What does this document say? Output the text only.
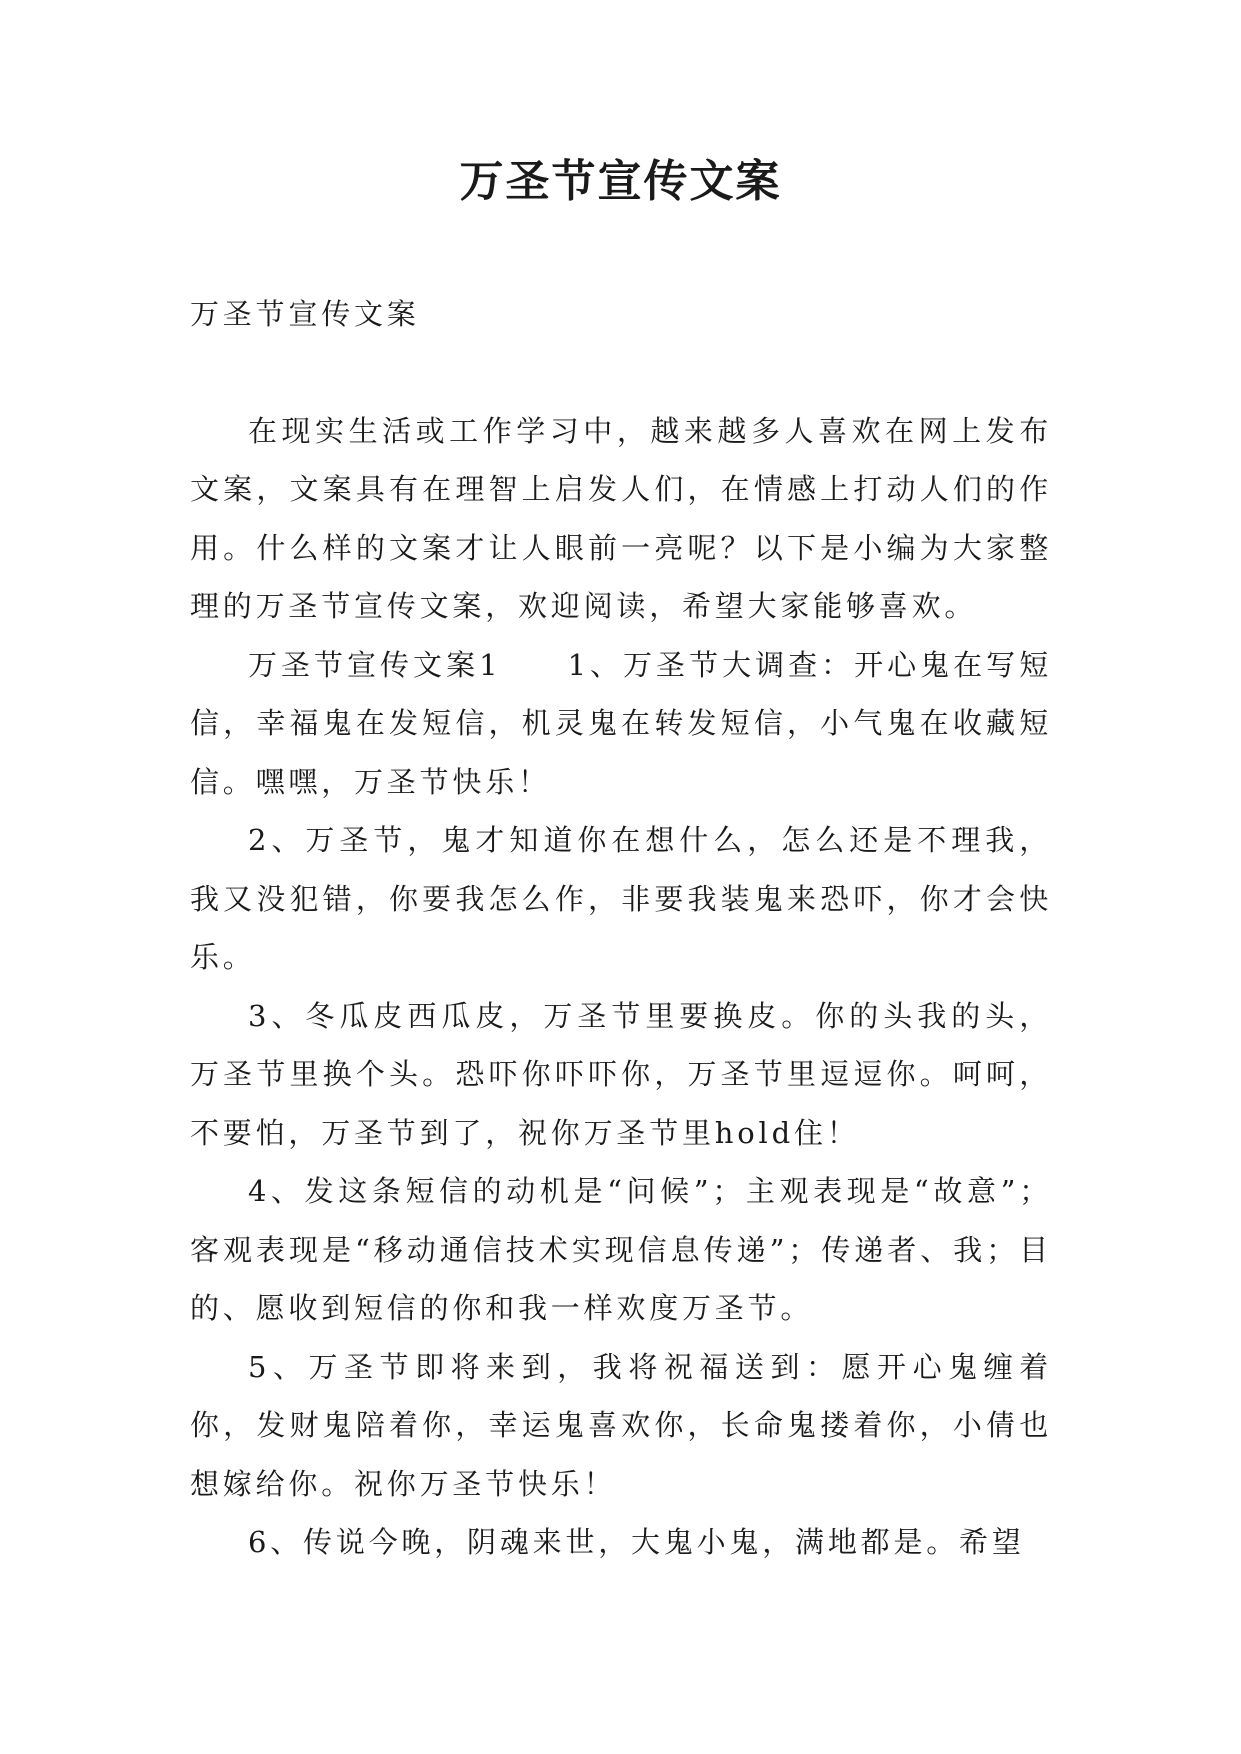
万圣节宣传文案

万圣节宣传文案

在现实生活或工作学习中，越来越多人喜欢在网上发布文案，文案具有在理智上启发人们，在情感上打动人们的作用。什么样的文案才让人眼前一亮呢？以下是小编为大家整理的万圣节宣传文案，欢迎阅读，希望大家能够喜欢。

万圣节宣传文案1　　1、万圣节大调查：开心鬼在写短信，幸福鬼在发短信，机灵鬼在转发短信，小气鬼在收藏短信。嘿嘿，万圣节快乐！

2、万圣节，鬼才知道你在想什么，怎么还是不理我，我又没犯错，你要我怎么作，非要我装鬼来恐吓，你才会快乐。

3、冬瓜皮西瓜皮，万圣节里要换皮。你的头我的头，万圣节里换个头。恐吓你吓吓你，万圣节里逗逗你。呵呵，不要怕，万圣节到了，祝你万圣节里hold住！

4、发这条短信的动机是“问候”；主观表现是“故意”；客观表现是“移动通信技术实现信息传递”；传递者、我；目的、愿收到短信的你和我一样欢度万圣节。

5、万圣节即将来到，我将祝福送到：愿开心鬼缠着你，发财鬼陪着你，幸运鬼喜欢你，长命鬼搂着你，小倩也想嫁给你。祝你万圣节快乐！

6、传说今晚，阴魂来世，大鬼小鬼，满地都是。希望
